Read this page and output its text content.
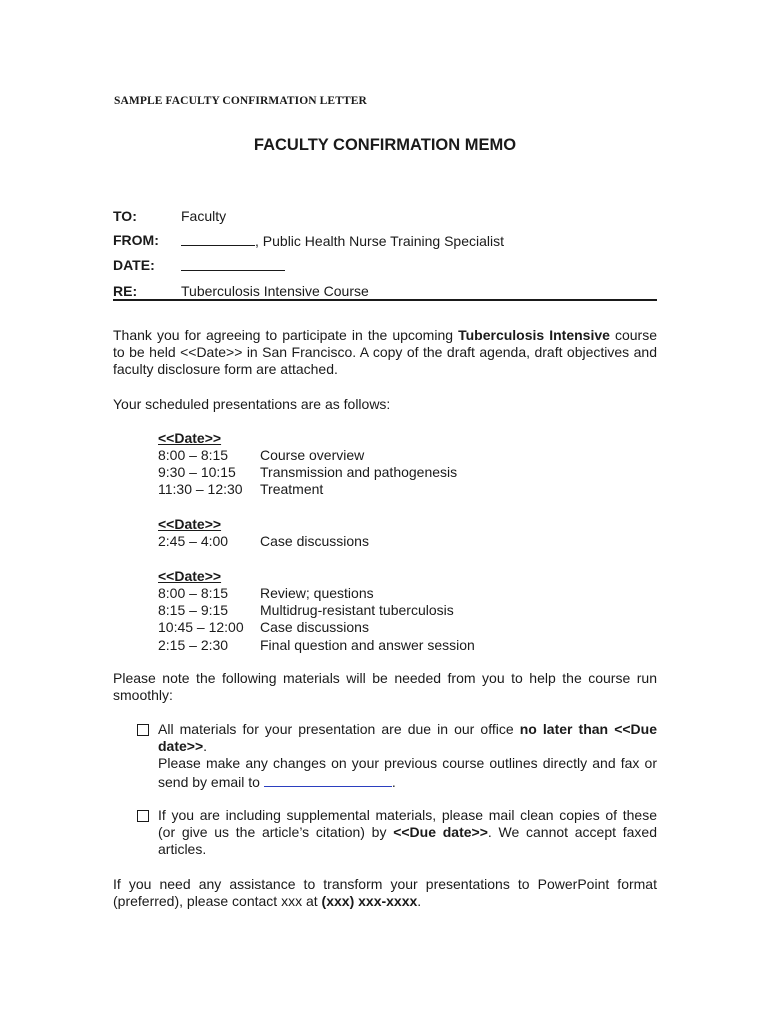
SAMPLE FACULTY CONFIRMATION LETTER
FACULTY CONFIRMATION MEMO
TO:	Faculty
FROM:	, Public Health Nurse Training Specialist
DATE:
RE:	Tuberculosis Intensive Course
Thank you for agreeing to participate in the upcoming Tuberculosis Intensive course to be held <<Date>> in San Francisco. A copy of the draft agenda, draft objectives and faculty disclosure form are attached.
Your scheduled presentations are as follows:
<<Date>>
8:00 – 8:15	Course overview
9:30 – 10:15	Transmission and pathogenesis
11:30 – 12:30	Treatment
<<Date>>
2:45 – 4:00	Case discussions
<<Date>>
8:00 – 8:15	Review; questions
8:15 – 9:15	Multidrug-resistant tuberculosis
10:45 – 12:00	Case discussions
2:15 – 2:30	Final question and answer session
Please note the following materials will be needed from you to help the course run smoothly:
All materials for your presentation are due in our office no later than <<Due date>>.
Please make any changes on your previous course outlines directly and fax or send by email to	.
If you are including supplemental materials, please mail clean copies of these (or give us the article’s citation) by <<Due date>>. We cannot accept faxed articles.
If you need any assistance to transform your presentations to PowerPoint format (preferred), please contact xxx at (xxx) xxx-xxxx.
